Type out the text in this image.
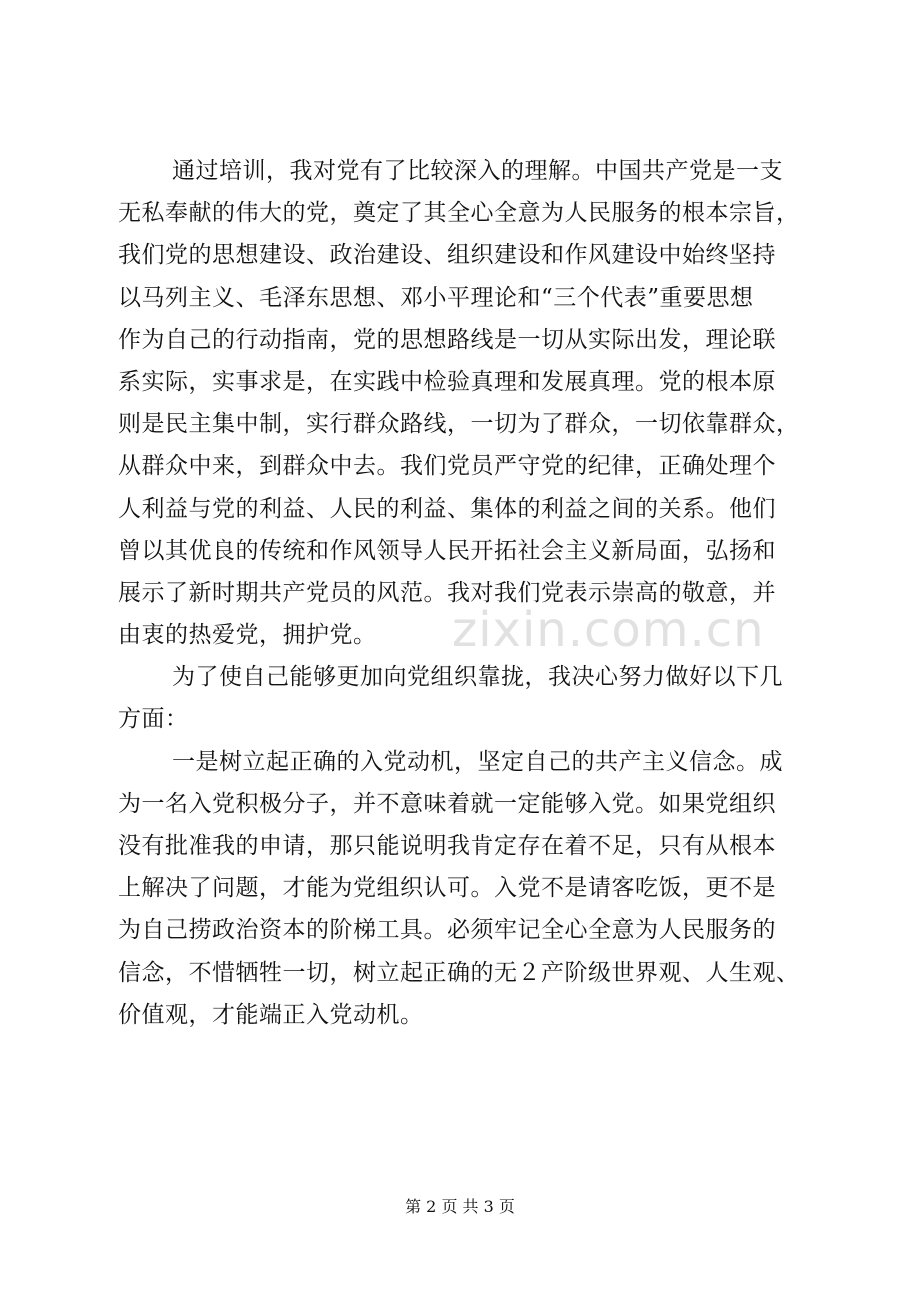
通过培训，我对党有了比较深入的理解。中国共产党是一支
无私奉献的伟大的党，奠定了其全心全意为人民服务的根本宗旨，
我们党的思想建设、政治建设、组织建设和作风建设中始终坚持
以马列主义、毛泽东思想、邓小平理论和“三个代表”重要思想
作为自己的行动指南，党的思想路线是一切从实际出发，理论联
系实际，实事求是，在实践中检验真理和发展真理。党的根本原
则是民主集中制，实行群众路线，一切为了群众，一切依靠群众，
从群众中来，到群众中去。我们党员严守党的纪律，正确处理个
人利益与党的利益、人民的利益、集体的利益之间的关系。他们
曾以其优良的传统和作风领导人民开拓社会主义新局面，弘扬和
展示了新时期共产党员的风范。我对我们党表示崇高的敬意，并
由衷的热爱党，拥护党。
为了使自己能够更加向党组织靠拢，我决心努力做好以下几
方面：
一是树立起正确的入党动机，坚定自己的共产主义信念。成
为一名入党积极分子，并不意味着就一定能够入党。如果党组织
没有批准我的申请，那只能说明我肯定存在着不足，只有从根本
上解决了问题，才能为党组织认可。入党不是请客吃饭，更不是
为自己捞政治资本的阶梯工具。必须牢记全心全意为人民服务的
信念，不惜牺牲一切，树立起正确的无２产阶级世界观、人生观、
价值观，才能端正入党动机。
zixin.com.cn
第 2 页 共 3 页
